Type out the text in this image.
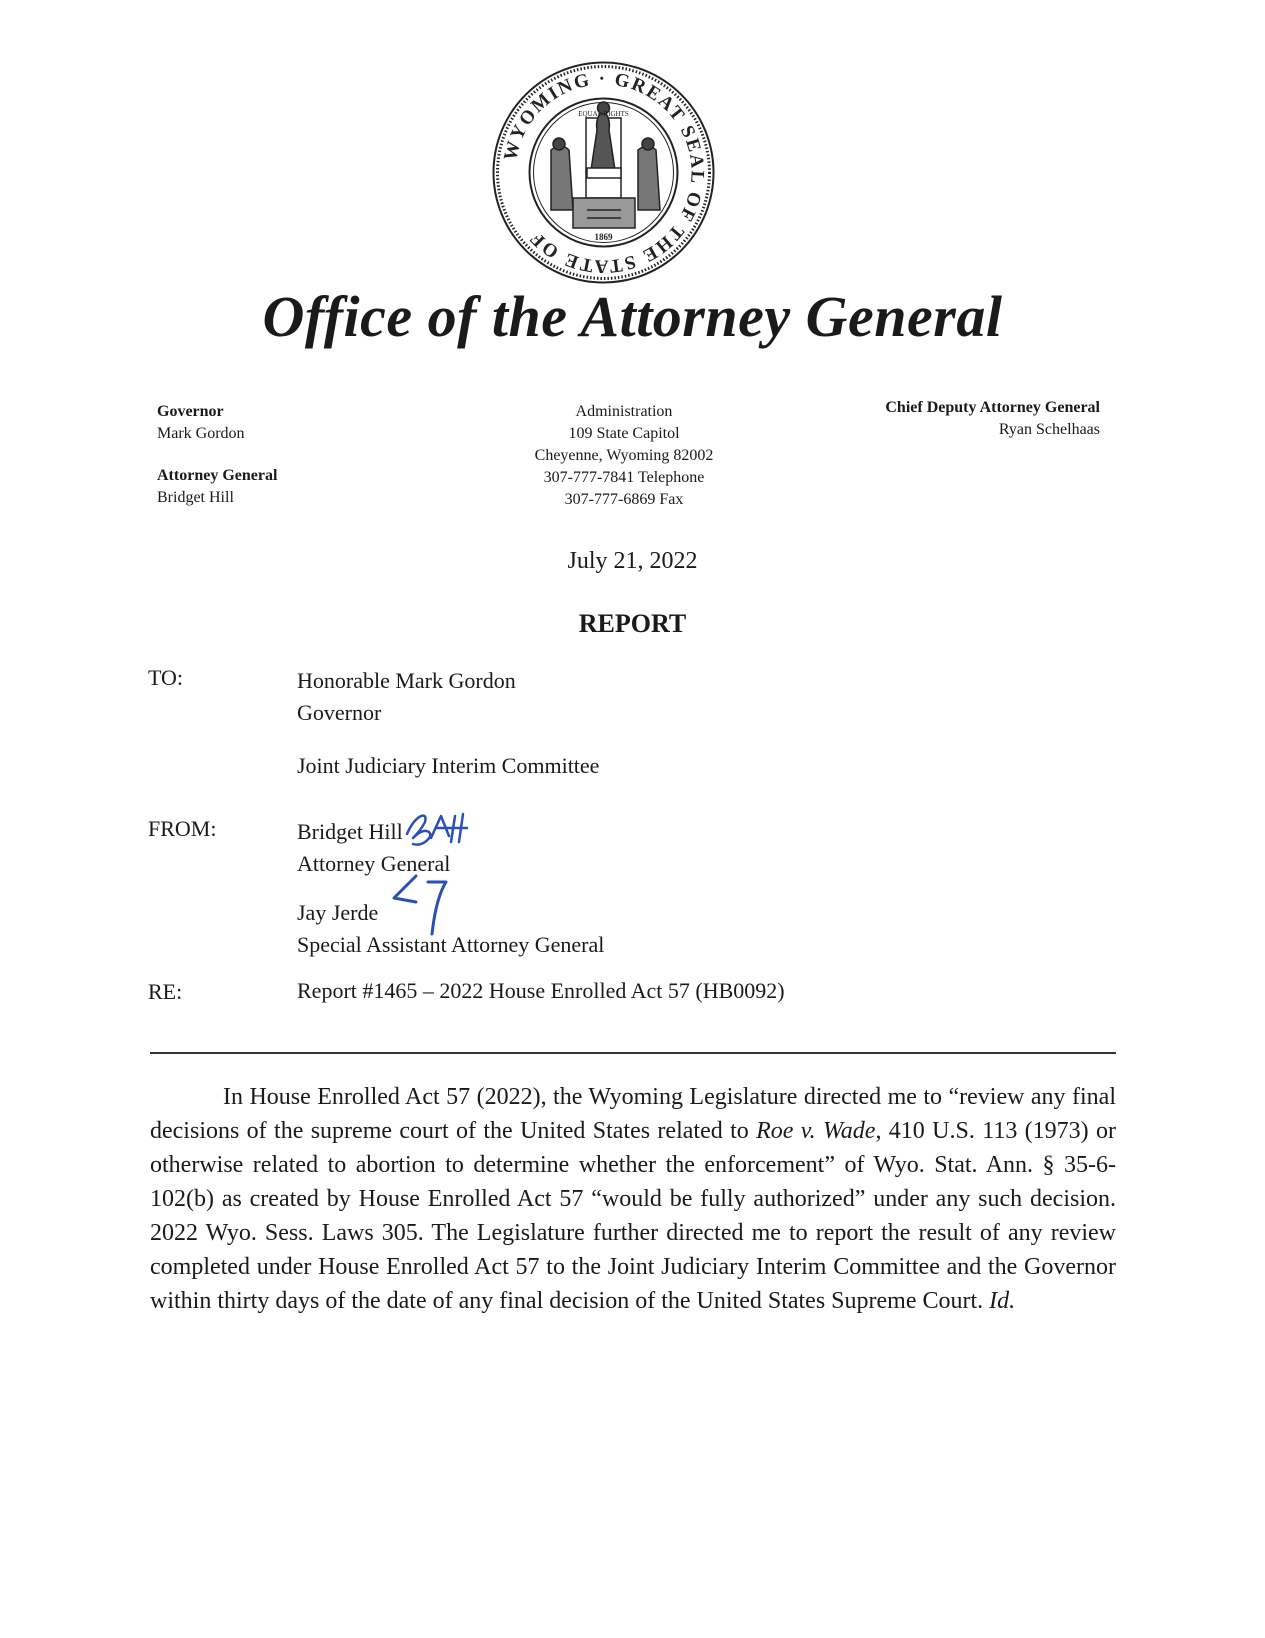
WYOMING · GREAT SEAL OF THE STATE OF
EQUAL RIGHTS
1869
Office of the Attorney General
Governor
Mark Gordon
Attorney General
Bridget Hill
Administration
109 State Capitol
Cheyenne, Wyoming 82002
307-777-7841 Telephone
307-777-6869 Fax
Chief Deputy Attorney General
Ryan Schelhaas
July 21, 2022
REPORT
TO:	Honorable Mark Gordon
Governor
Joint Judiciary Interim Committee
FROM:	Bridget Hill
Attorney General
Jay Jerde
Special Assistant Attorney General
RE:	Report #1465 – 2022 House Enrolled Act 57 (HB0092)

In House Enrolled Act 57 (2022), the Wyoming Legislature directed me to “review any final decisions of the supreme court of the United States related to Roe v. Wade, 410 U.S. 113 (1973) or otherwise related to abortion to determine whether the enforcement” of Wyo. Stat. Ann. § 35-6-102(b) as created by House Enrolled Act 57 “would be fully authorized” under any such decision. 2022 Wyo. Sess. Laws 305. The Legislature further directed me to report the result of any review completed under House Enrolled Act 57 to the Joint Judiciary Interim Committee and the Governor within thirty days of the date of any final decision of the United States Supreme Court. Id.
